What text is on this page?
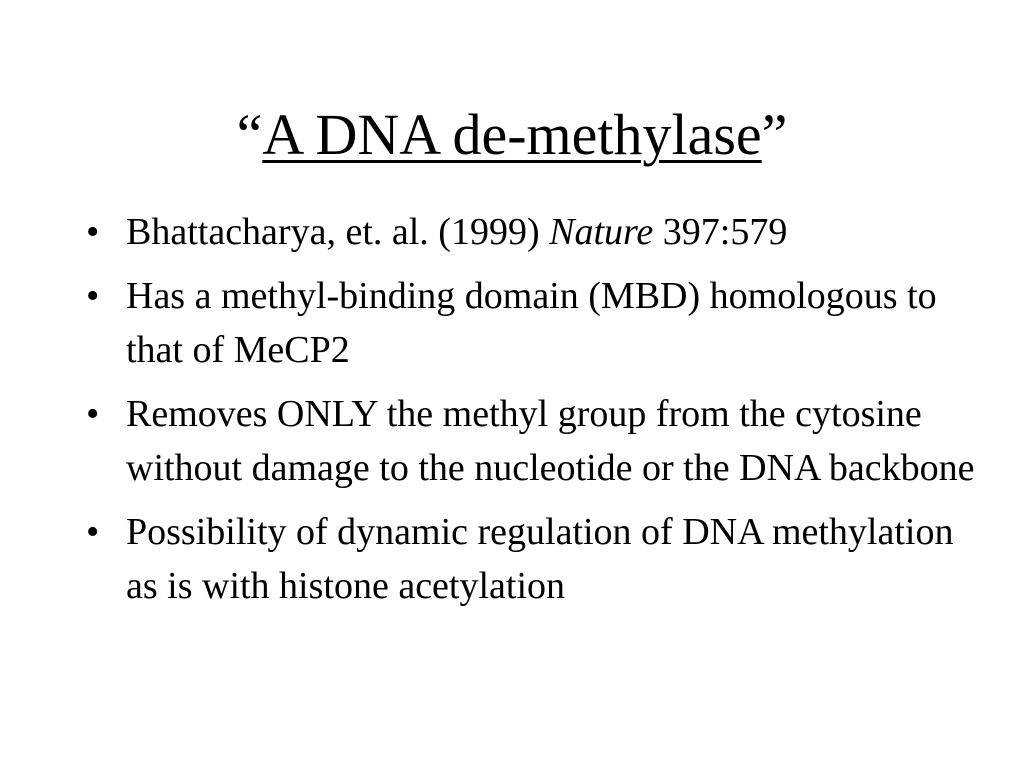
“A DNA de-methylase”
• Bhattacharya, et. al. (1999) Nature 397:579
• Has a methyl-binding domain (MBD) homologous to that of MeCP2
• Removes ONLY the methyl group from the cytosine without damage to the nucleotide or the DNA backbone
• Possibility of dynamic regulation of DNA methylation as is with histone acetylation
